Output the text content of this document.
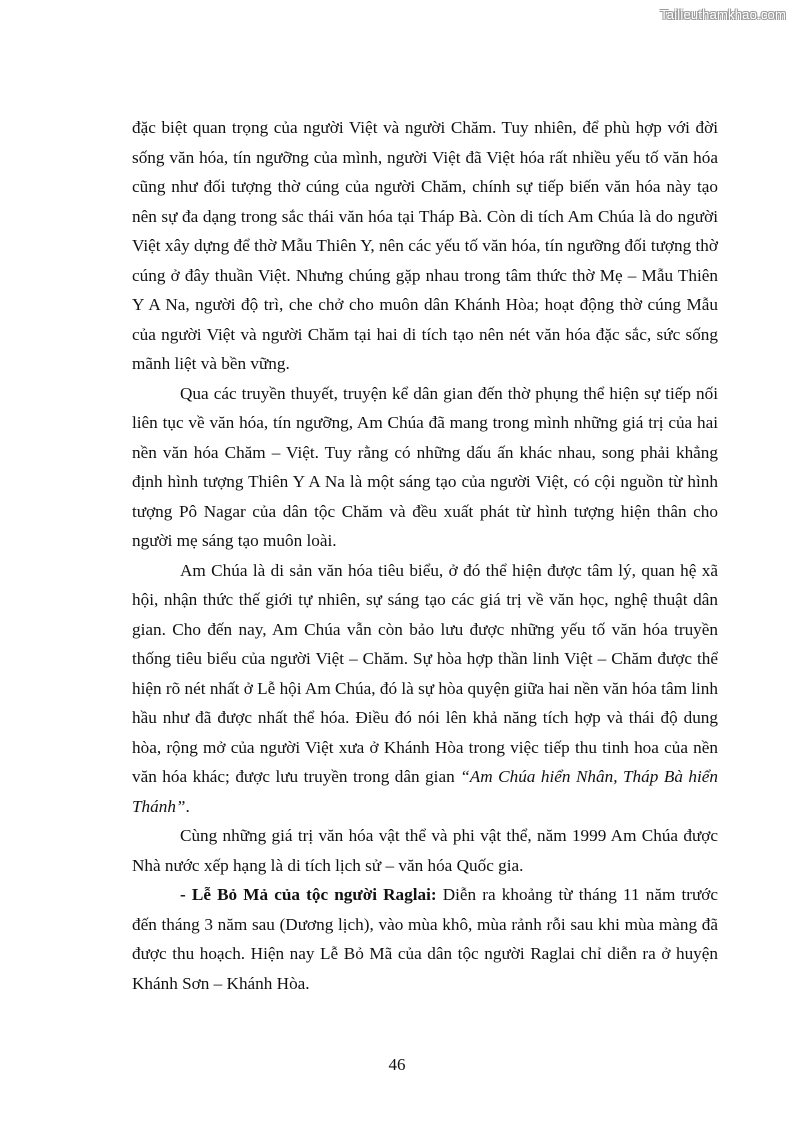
Tailieuthamkhao.com

đặc biệt quan trọng của người Việt và người Chăm. Tuy nhiên, để phù hợp với đời sống văn hóa, tín ngưỡng của mình, người Việt đã Việt hóa rất nhiều yếu tố văn hóa cũng như đối tượng thờ cúng của người Chăm, chính sự tiếp biến văn hóa này tạo nên sự đa dạng trong sắc thái văn hóa tại Tháp Bà. Còn di tích Am Chúa là do người Việt xây dựng để thờ Mẫu Thiên Y, nên các yếu tố văn hóa, tín ngưỡng đối tượng thờ cúng ở đây thuần Việt. Nhưng chúng gặp nhau trong tâm thức thờ Mẹ – Mẫu Thiên Y A Na, người độ trì, che chở cho muôn dân Khánh Hòa; hoạt động thờ cúng Mẫu của người Việt và người Chăm tại hai di tích tạo nên nét văn hóa đặc sắc, sức sống mãnh liệt và bền vững.

Qua các truyền thuyết, truyện kể dân gian đến thờ phụng thể hiện sự tiếp nối liên tục về văn hóa, tín ngưỡng, Am Chúa đã mang trong mình những giá trị của hai nền văn hóa Chăm – Việt. Tuy rằng có những dấu ấn khác nhau, song phải khẳng định hình tượng Thiên Y A Na là một sáng tạo của người Việt, có cội nguồn từ hình tượng Pô Nagar của dân tộc Chăm và đều xuất phát từ hình tượng hiện thân cho người mẹ sáng tạo muôn loài.

Am Chúa là di sản văn hóa tiêu biểu, ở đó thể hiện được tâm lý, quan hệ xã hội, nhận thức thế giới tự nhiên, sự sáng tạo các giá trị về văn học, nghệ thuật dân gian. Cho đến nay, Am Chúa vẫn còn bảo lưu được những yếu tố văn hóa truyền thống tiêu biểu của người Việt – Chăm. Sự hòa hợp thần linh Việt – Chăm được thể hiện rõ nét nhất ở Lễ hội Am Chúa, đó là sự hòa quyện giữa hai nền văn hóa tâm linh hầu như đã được nhất thể hóa. Điều đó nói lên khả năng tích hợp và thái độ dung hòa, rộng mở của người Việt xưa ở Khánh Hòa trong việc tiếp thu tinh hoa của nền văn hóa khác; được lưu truyền trong dân gian “Am Chúa hiển Nhân, Tháp Bà hiển Thánh”.

Cùng những giá trị văn hóa vật thể và phi vật thể, năm 1999 Am Chúa được Nhà nước xếp hạng là di tích lịch sử – văn hóa Quốc gia.

- Lễ Bỏ Mả của tộc người Raglai: Diễn ra khoảng từ tháng 11 năm trước đến tháng 3 năm sau (Dương lịch), vào mùa khô, mùa rảnh rỗi sau khi mùa màng đã được thu hoạch. Hiện nay Lễ Bỏ Mã của dân tộc người Raglai chỉ diễn ra ở huyện Khánh Sơn – Khánh Hòa.

46
